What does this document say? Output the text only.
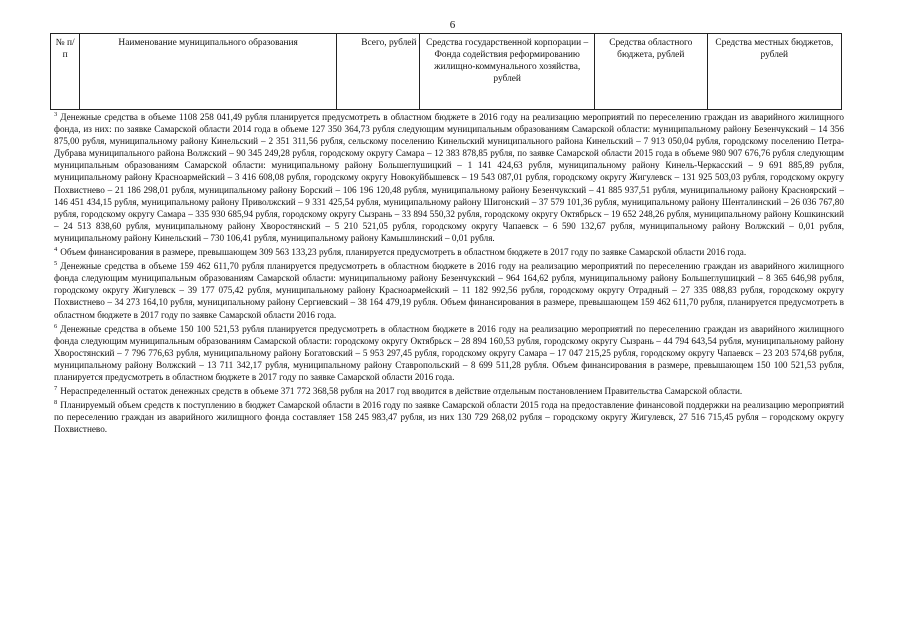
6
№ п/п	Наименование муниципального образования	Всего, рублей	Средства государственной корпорации – Фонда содействия реформированию жилищно-коммунального хозяйства, рублей	Средства областного бюджета, рублей	Средства местных бюджетов, рублей

$^3$ Денежные средства в объеме 1108 258 041,49 рубля планируется предусмотреть в областном бюджете в 2016 году на реализацию мероприятий по переселению граждан из аварийного жилищного фонда, из них: по заявке Самарской области 2014 года в объеме 127 350 364,73 рубля следующим муниципальным образованиям Самарской области: муниципальному району Безенчукский – 14 356 875,00 рубля, муниципальному району Кинельский – 2 351 311,56 рубля, сельскому поселению Кинельский муниципального района Кинельский – 7 913 050,04 рубля, городскому поселению Петра-Дубрава муниципального района Волжский – 90 345 249,28 рубля, городскому округу Самара – 12 383 878,85 рубля, по заявке Самарской области 2015 года в объеме 980 907 676,76 рубля следующим муниципальным образованиям Самарской области: муниципальному району Большеглушицкий – 1 141 424,63 рубля, муниципальному району Кинель-Черкасский – 9 691 885,89 рубля, муниципальному району Красноармейский – 3 416 608,08 рубля, городскому округу Новокуйбышевск – 19 543 087,01 рубля, городскому округу Жигулевск – 131 925 503,03 рубля, городскому округу Похвистнево – 21 186 298,01 рубля, муниципальному району Борский – 106 196 120,48 рубля, муниципальному району Безенчукский – 41 885 937,51 рубля, муниципальному району Красноярский – 146 451 434,15 рубля, муниципальному району Приволжский – 9 331 425,54 рубля, муниципальному району Шигонский – 37 579 101,36 рубля, муниципальному району Шенталинский – 26 036 767,80 рубля, городскому округу Самара – 335 930 685,94 рубля, городскому округу Сызрань – 33 894 550,32 рубля, городскому округу Октябрьск – 19 652 248,26 рубля, муниципальному району Кошкинский – 24 513 838,60 рубля, муниципальному району Хворостянский – 5 210 521,05 рубля, городскому округу Чапаевск – 6 590 132,67 рубля, муниципальному району Волжский – 0,01 рубля, муниципальному району Кинельский – 730 106,41 рубля, муниципальному району Камышлинский – 0,01 рубля.

$^4$ Объем финансирования в размере, превышающем 309 563 133,23 рубля, планируется предусмотреть в областном бюджете в 2017 году по заявке Самарской области 2016 года.

$^5$ Денежные средства в объеме 159 462 611,70 рубля планируется предусмотреть в областном бюджете в 2016 году на реализацию мероприятий по переселению граждан из аварийного жилищного фонда следующим муниципальным образованиям Самарской области: муниципальному району Безенчукский – 964 164,62 рубля, муниципальному району Большеглушицкий – 8 365 646,98 рубля, городскому округу Жигулевск – 39 177 075,42 рубля, муниципальному району Красноармейский – 11 182 992,56 рубля, городскому округу Отрадный – 27 335 088,83 рубля, городскому округу Похвистнево – 34 273 164,10 рубля, муниципальному району Сергиевский – 38 164 479,19 рубля. Объем финансирования в размере, превышающем 159 462 611,70 рубля, планируется предусмотреть в областном бюджете в 2017 году по заявке Самарской области 2016 года.

$^6$ Денежные средства в объеме 150 100 521,53 рубля планируется предусмотреть в областном бюджете в 2016 году на реализацию мероприятий по переселению граждан из аварийного жилищного фонда следующим муниципальным образованиям Самарской области: городскому округу Октябрьск – 28 894 160,53 рубля, городскому округу Сызрань – 44 794 643,54 рубля, муниципальному району Хворостянский – 7 796 776,63 рубля, муниципальному району Богатовский – 5 953 297,45 рубля, городскому округу Самара – 17 047 215,25 рубля, городскому округу Чапаевск – 23 203 574,68 рубля, муниципальному району Волжский – 13 711 342,17 рубля, муниципальному району Ставропольский – 8 699 511,28 рубля. Объем финансирования в размере, превышающем 150 100 521,53 рубля, планируется предусмотреть в областном бюджете в 2017 году по заявке Самарской области 2016 года.

$^7$ Нераспределенный остаток денежных средств в объеме 371 772 368,58 рубля на 2017 год вводится в действие отдельным постановлением Правительства Самарской области.

$^8$ Планируемый объем средств к поступлению в бюджет Самарской области в 2016 году по заявке Самарской области 2015 года на предоставление финансовой поддержки на реализацию мероприятий по переселению граждан из аварийного жилищного фонда составляет 158 245 983,47 рубля, из них 130 729 268,02 рубля – городскому округу Жигулевск, 27 516 715,45 рубля – городскому округу Похвистнево.
